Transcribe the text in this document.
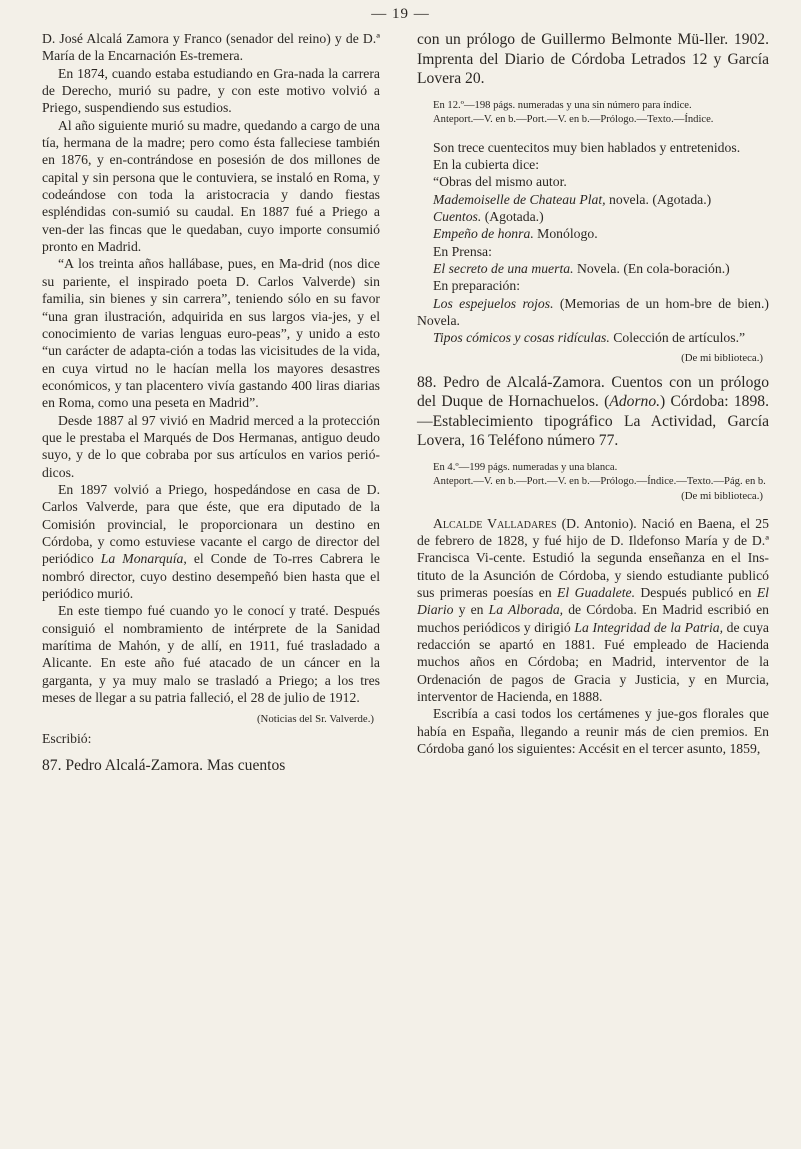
— 19 —

D. José Alcalá Zamora y Franco (senador del reino) y de D.ª María de la Encarnación Es-tremera.

En 1874, cuando estaba estudiando en Gra-nada la carrera de Derecho, murió su padre, y con este motivo volvió a Priego, suspendiendo sus estudios.

Al año siguiente murió su madre, quedando a cargo de una tía, hermana de la madre; pero como ésta falleciese también en 1876, y en-contrándose en posesión de dos millones de capital y sin persona que le contuviera, se instaló en Roma, y codeándose con toda la aristocracia y dando fiestas espléndidas con-sumió su caudal. En 1887 fué a Priego a ven-der las fincas que le quedaban, cuyo importe consumió pronto en Madrid.

“A los treinta años hallábase, pues, en Ma-drid (nos dice su pariente, el inspirado poeta D. Carlos Valverde) sin familia, sin bienes y sin carrera”, teniendo sólo en su favor “una gran ilustración, adquirida en sus largos via-jes, y el conocimiento de varias lenguas euro-peas”, y unido a esto “un carácter de adapta-ción a todas las vicisitudes de la vida, en cuya virtud no le hacían mella los mayores desastres económicos, y tan placentero vivía gastando 400 liras diarias en Roma, como una peseta en Madrid”.

Desde 1887 al 97 vivió en Madrid merced a la protección que le prestaba el Marqués de Dos Hermanas, antiguo deudo suyo, y de lo que cobraba por sus artículos en varios perió-dicos.

En 1897 volvió a Priego, hospedándose en casa de D. Carlos Valverde, para que éste, que era diputado de la Comisión provincial, le proporcionara un destino en Córdoba, y como estuviese vacante el cargo de director del periódico La Monarquía, el Conde de To-rres Cabrera le nombró director, cuyo destino desempeñó bien hasta que el periódico murió.

En este tiempo fué cuando yo le conocí y traté. Después consiguió el nombramiento de intérprete de la Sanidad marítima de Mahón, y de allí, en 1911, fué trasladado a Alicante. En este año fué atacado de un cáncer en la garganta, y ya muy malo se trasladó a Priego; a los tres meses de llegar a su patria falleció, el 28 de julio de 1912.

(Noticias del Sr. Valverde.)

Escribió:

87. Pedro Alcalá-Zamora. Mas cuentos

con un prólogo de Guillermo Belmonte Mü-ller. 1902. Imprenta del Diario de Córdoba Letrados 12 y García Lovera 20.

En 12.º—198 págs. numeradas y una sin número para índice.

Anteport.—V. en b.—Port.—V. en b.—Prólogo.—Texto.—Índice.

Son trece cuentecitos muy bien hablados y entretenidos.

En la cubierta dice:

“Obras del mismo autor.

Mademoiselle de Chateau Plat, novela. (Agotada.)

Cuentos. (Agotada.)

Empeño de honra. Monólogo.

En Prensa:

El secreto de una muerta. Novela. (En cola-boración.)

En preparación:

Los espejuelos rojos. (Memorias de un hom-bre de bien.) Novela.

Tipos cómicos y cosas ridículas. Colección de artículos.”

(De mi biblioteca.)

88. Pedro de Alcalá-Zamora. Cuentos con un prólogo del Duque de Hornachuelos. (Adorno.) Córdoba: 1898.—Establecimiento tipográfico La Actividad, García Lovera, 16 Teléfono número 77.

En 4.º—199 págs. numeradas y una blanca.

Anteport.—V. en b.—Port.—V. en b.—Prólogo.—Índice.—Texto.—Pág. en b.

(De mi biblioteca.)

Alcalde Valladares (D. Antonio). Nació en Baena, el 25 de febrero de 1828, y fué hijo de D. Ildefonso María y de D.ª Francisca Vi-cente. Estudió la segunda enseñanza en el Ins-tituto de la Asunción de Córdoba, y siendo estudiante publicó sus primeras poesías en El Guadalete. Después publicó en El Diario y en La Alborada, de Córdoba. En Madrid escribió en muchos periódicos y dirigió La Integridad de la Patria, de cuya redacción se apartó en 1881. Fué empleado de Hacienda muchos años en Córdoba; en Madrid, interventor de la Ordenación de pagos de Gracia y Justicia, y en Murcia, interventor de Hacienda, en 1888.

Escribía a casi todos los certámenes y jue-gos florales que había en España, llegando a reunir más de cien premios. En Córdoba ganó los siguientes: Accésit en el tercer asunto, 1859,
